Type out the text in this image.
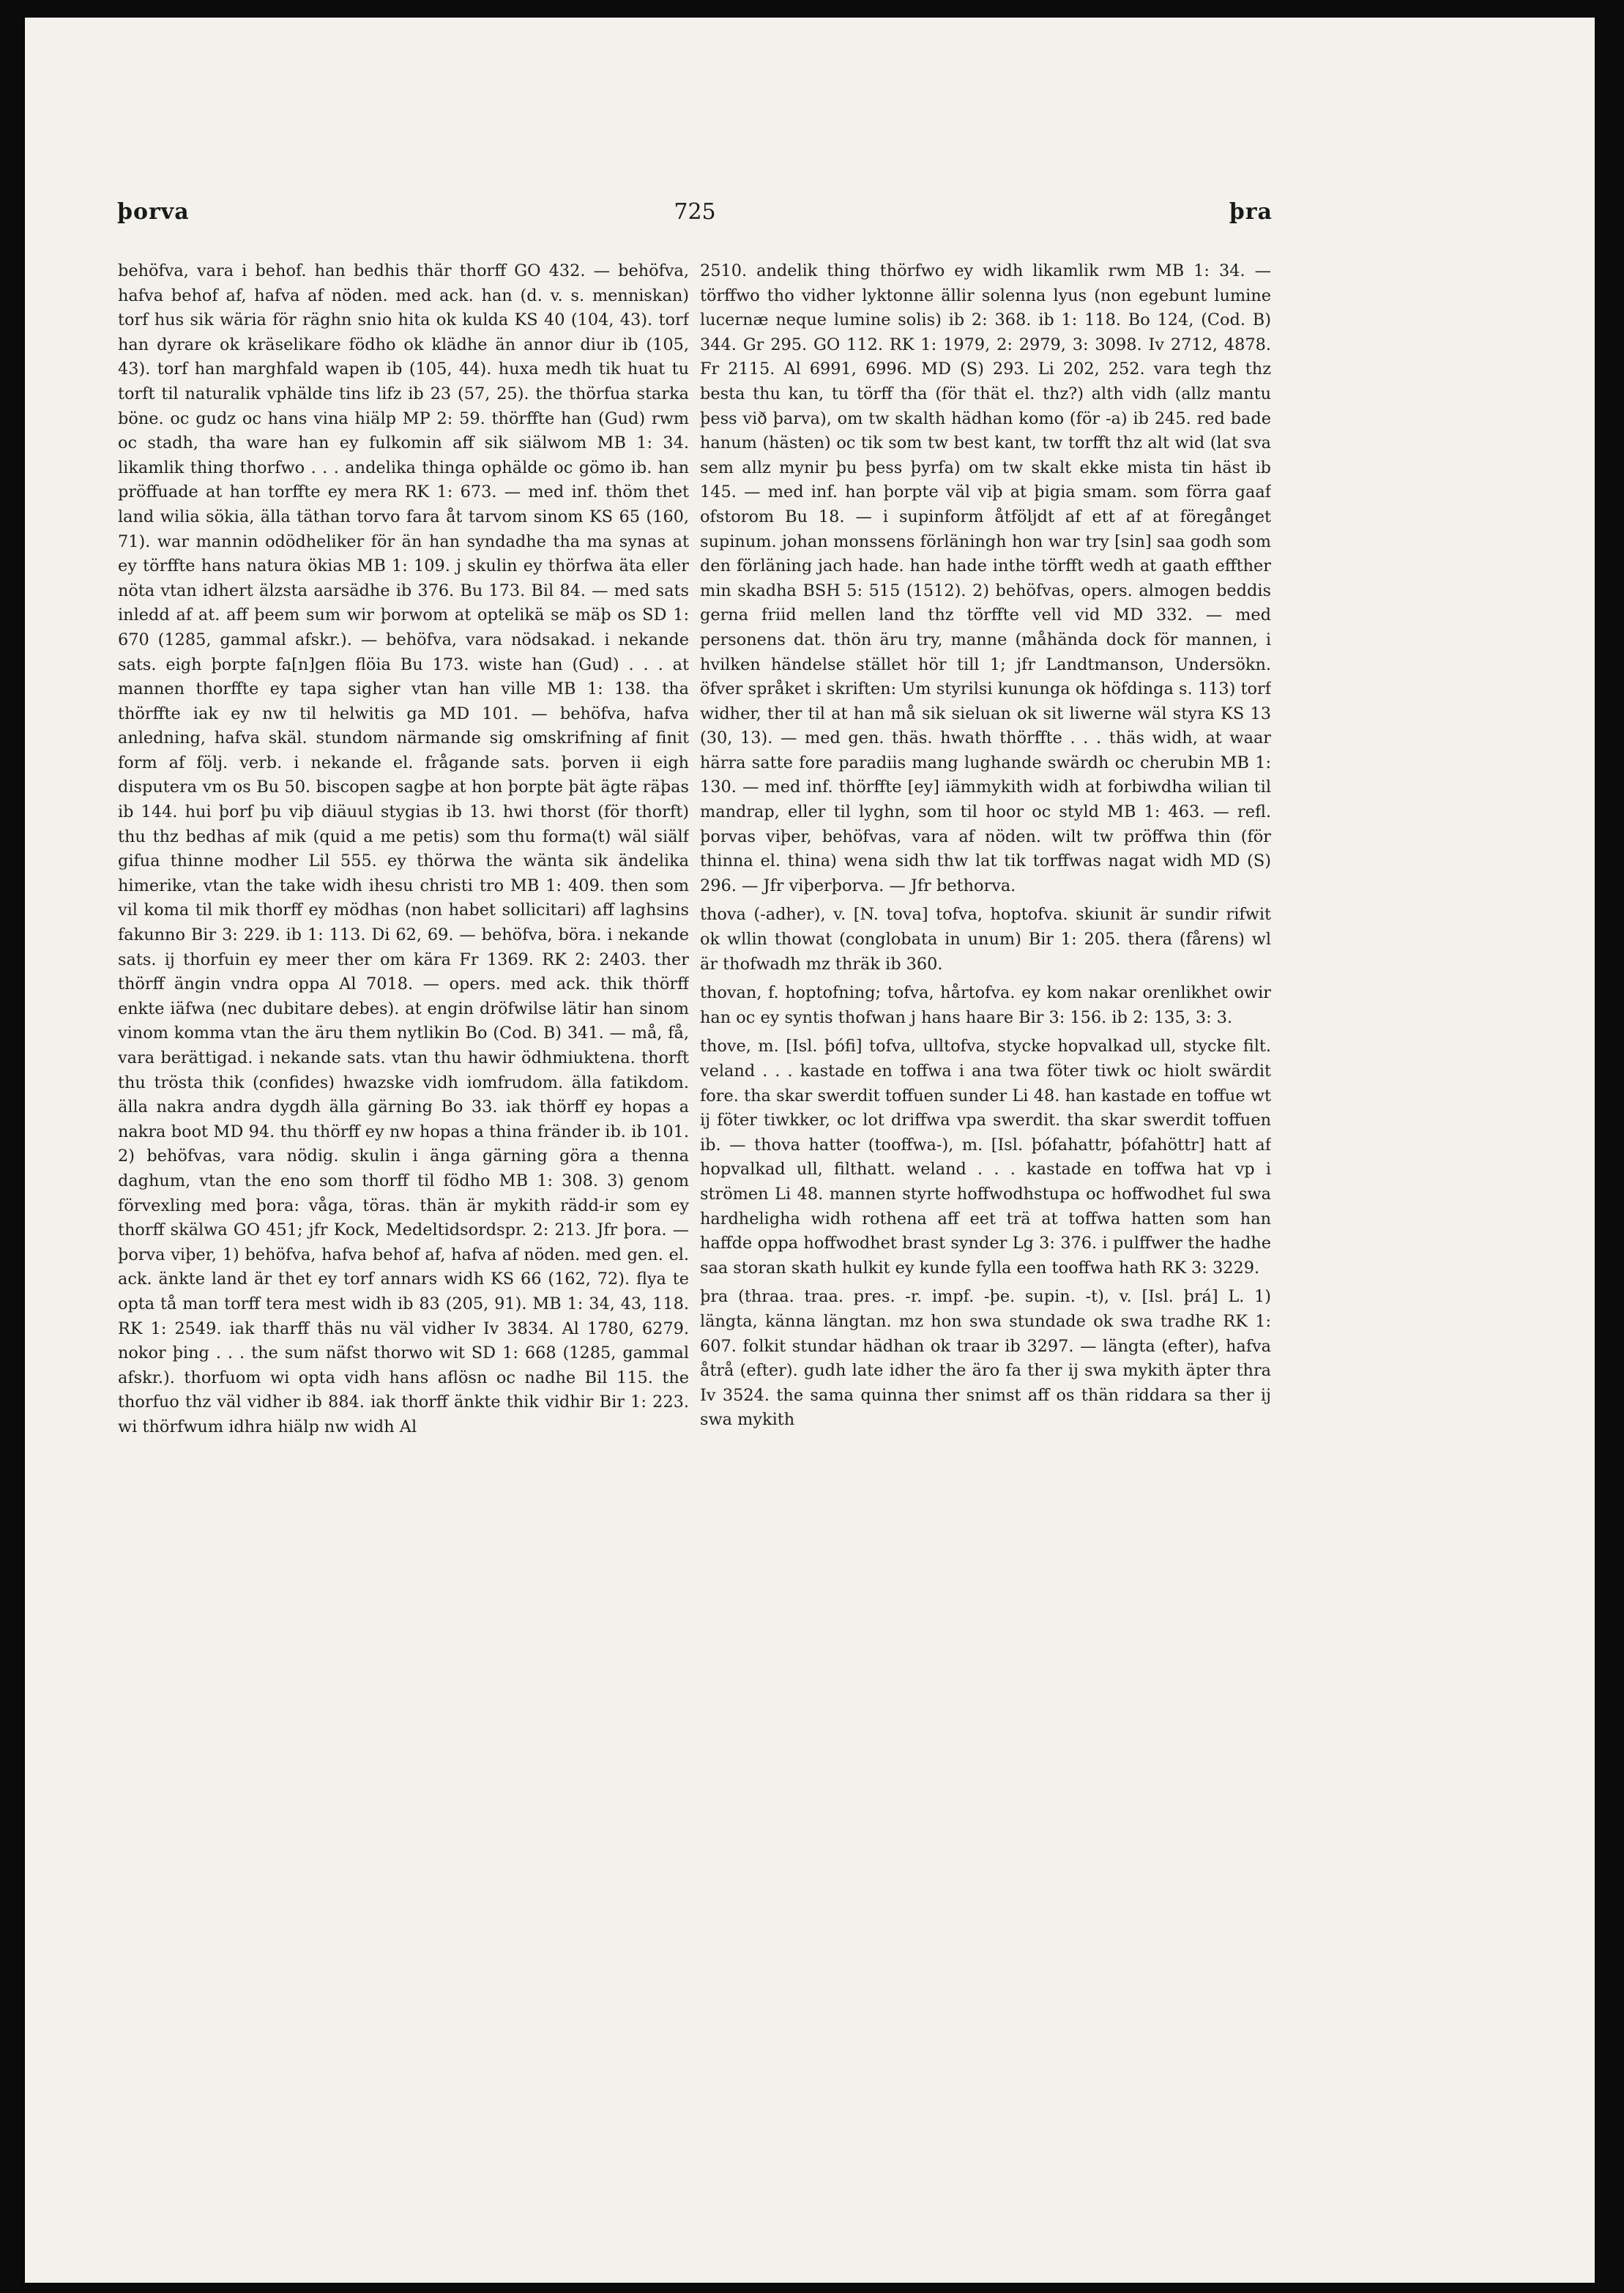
þorva	725	þra

behöfva, vara i behof. han bedhis thär thorff GO 432. — behöfva, hafva behof af, hafva af nöden. med ack. han (d. v. s. menniskan) torf hus sik wäria för räghn snio hita ok kulda KS 40 (104, 43). torf han dyrare ok kräselikare födho ok klädhe än annor diur ib (105, 43). torf han marghfald wapen ib (105, 44). huxa medh tik huat tu torft til naturalik vphälde tins lifz ib 23 (57, 25). the thörfua starka böne. oc gudz oc hans vina hiälp MP 2: 59. thörffte han (Gud) rwm oc stadh, tha ware han ey fulkomin aff sik siälwom MB 1: 34. likamlik thing thorfwo . . . andelika thinga ophälde oc gömo ib. han pröffuade at han torffte ey mera RK 1: 673. — med inf. thöm thet land wilia sökia, älla täthan torvo fara åt tarvom sinom KS 65 (160, 71). war mannin odödheliker för än han syndadhe tha ma synas at ey törffte hans natura ökias MB 1: 109. j skulin ey thörfwa äta eller nöta vtan idhert älzsta aarsädhe ib 376. Bu 173. Bil 84. — med sats inledd af at. aff þeem sum wir þorwom at optelikä se mäþ os SD 1: 670 (1285, gammal afskr.). — behöfva, vara nödsakad. i nekande sats. eigh þorpte fa[n]gen flöia Bu 173. wiste han (Gud) . . . at mannen thorffte ey tapa sigher vtan han ville MB 1: 138. tha thörffte iak ey nw til helwitis ga MD 101. — behöfva, hafva anledning, hafva skäl. stundom närmande sig omskrifning af finit form af följ. verb. i nekande el. frågande sats. þorven ii eigh disputera vm os Bu 50. biscopen sagþe at hon þorpte þät ägte räþas ib 144. hui þorf þu viþ diäuul stygias ib 13. hwi thorst (för thorft) thu thz bedhas af mik (quid a me petis) som thu forma(t) wäl siälf gifua thinne modher Lil 555. ey thörwa the wänta sik ändelika himerike, vtan the take widh ihesu christi tro MB 1: 409. then som vil koma til mik thorff ey mödhas (non habet sollicitari) aff laghsins fakunno Bir 3: 229. ib 1: 113. Di 62, 69. — behöfva, böra. i nekande sats. ij thorfuin ey meer ther om kära Fr 1369. RK 2: 2403. ther thörff ängin vndra oppa Al 7018. — opers. med ack. thik thörff enkte iäfwa (nec dubitare debes). at engin dröfwilse lätir han sinom vinom komma vtan the äru them nytlikin Bo (Cod. B) 341. — må, få, vara berättigad. i nekande sats. vtan thu hawir ödhmiuktena. thorft thu trösta thik (confides) hwazske vidh iomfrudom. älla fatikdom. älla nakra andra dygdh älla gärning Bo 33. iak thörff ey hopas a nakra boot MD 94. thu thörff ey nw hopas a thina fränder ib. ib 101. 2) behöfvas, vara nödig. skulin i änga gärning göra a thenna daghum, vtan the eno som thorff til födho MB 1: 308. 3) genom förvexling med þora: våga, töras. thän är mykith rädd-ir som ey thorff skälwa GO 451; jfr Kock, Medeltidsordspr. 2: 213. Jfr þora. — þorva viþer, 1) behöfva, hafva behof af, hafva af nöden. med gen. el. ack. änkte land är thet ey torf annars widh KS 66 (162, 72). flya te opta tå man torff tera mest widh ib 83 (205, 91). MB 1: 34, 43, 118. RK 1: 2549. iak tharff thäs nu väl vidher Iv 3834. Al 1780, 6279. nokor þing . . . the sum näfst thorwo wit SD 1: 668 (1285, gammal afskr.). thorfuom wi opta vidh hans aflösn oc nadhe Bil 115. the thorfuo thz väl vidher ib 884. iak thorff änkte thik vidhir Bir 1: 223. wi thörfwum idhra hiälp nw widh Al

2510. andelik thing thörfwo ey widh likamlik rwm MB 1: 34. — törffwo tho vidher lyktonne ällir solenna lyus (non egebunt lumine lucernæ neque lumine solis) ib 2: 368. ib 1: 118. Bo 124, (Cod. B) 344. Gr 295. GO 112. RK 1: 1979, 2: 2979, 3: 3098. Iv 2712, 4878. Fr 2115. Al 6991, 6996. MD (S) 293. Li 202, 252. vara tegh thz besta thu kan, tu törff tha (för thät el. thz?) alth vidh (allz mantu þess við þarva), om tw skalth hädhan komo (för -a) ib 245. red bade hanum (hästen) oc tik som tw best kant, tw torfft thz alt wid (lat sva sem allz mynir þu þess þyrfa) om tw skalt ekke mista tin häst ib 145. — med inf. han þorpte väl viþ at þigia smam. som förra gaaf ofstorom Bu 18. — i supinform åtföljdt af ett af at föregånget supinum. johan monssens förläningh hon war try [sin] saa godh som den förläning jach hade. han hade inthe törfft wedh at gaath effther min skadha BSH 5: 515 (1512). 2) behöfvas, opers. almogen beddis gerna friid mellen land thz törffte vell vid MD 332. — med personens dat. thön äru try, manne (måhända dock för mannen, i hvilken händelse stället hör till 1; jfr Landtmanson, Undersökn. öfver språket i skriften: Um styrilsi kununga ok höfdinga s. 113) torf widher, ther til at han må sik sieluan ok sit liwerne wäl styra KS 13 (30, 13). — med gen. thäs. hwath thörffte . . . thäs widh, at waar härra satte fore paradiis mang lughande swärdh oc cherubin MB 1: 130. — med inf. thörffte [ey] iämmykith widh at forbiwdha wilian til mandrap, eller til lyghn, som til hoor oc styld MB 1: 463. — refl. þorvas viþer, behöfvas, vara af nöden. wilt tw pröffwa thin (för thinna el. thina) wena sidh thw lat tik torffwas nagat widh MD (S) 296. — Jfr viþerþorva. — Jfr bethorva.

thova (-adher), v. [N. tova] tofva, hoptofva. skiunit är sundir rifwit ok wllin thowat (conglobata in unum) Bir 1: 205. thera (fårens) wl är thofwadh mz thräk ib 360.

thovan, f. hoptofning; tofva, hårtofva. ey kom nakar orenlikhet owir han oc ey syntis thofwan j hans haare Bir 3: 156. ib 2: 135, 3: 3.

thove, m. [Isl. þófi] tofva, ulltofva, stycke hopvalkad ull, stycke filt. veland . . . kastade en toffwa i ana twa föter tiwk oc hiolt swärdit fore. tha skar swerdit toffuen sunder Li 48. han kastade en toffue wt ij föter tiwkker, oc lot driffwa vpa swerdit. tha skar swerdit toffuen ib. — thova hatter (tooffwa-), m. [Isl. þófahattr, þófahöttr] hatt af hopvalkad ull, filthatt. weland . . . kastade en toffwa hat vp i strömen Li 48. mannen styrte hoffwodhstupa oc hoffwodhet ful swa hardheligha widh rothena aff eet trä at toffwa hatten som han haffde oppa hoffwodhet brast synder Lg 3: 376. i pulffwer the hadhe saa storan skath hulkit ey kunde fylla een tooffwa hath RK 3: 3229.

þra (thraa. traa. pres. -r. impf. -þe. supin. -t), v. [Isl. þrá] L. 1) längta, känna längtan. mz hon swa stundade ok swa tradhe RK 1: 607. folkit stundar hädhan ok traar ib 3297. — längta (efter), hafva åtrå (efter). gudh late idher the äro fa ther ij swa mykith äpter thra Iv 3524. the sama quinna ther snimst aff os thän riddara sa ther ij swa mykith
